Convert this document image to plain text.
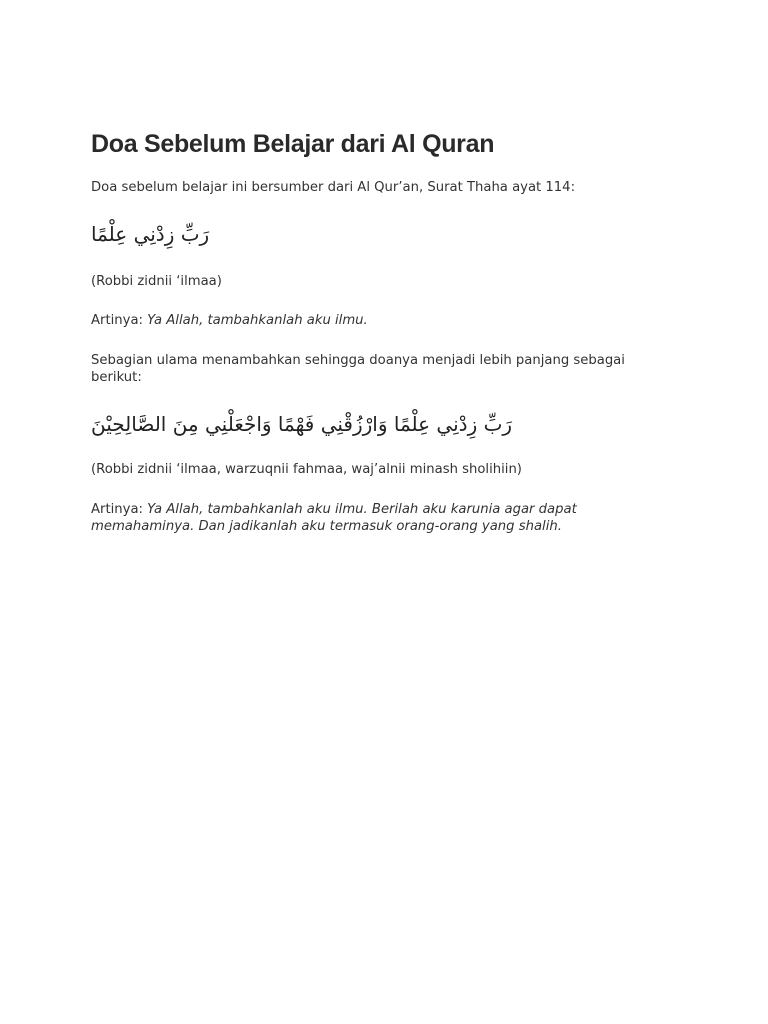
Doa Sebelum Belajar dari Al Quran

Doa sebelum belajar ini bersumber dari Al Qur’an, Surat Thaha ayat 114:

رَبِّ زِدْنِي عِلْمًا

(Robbi zidnii ‘ilmaa)

Artinya: Ya Allah, tambahkanlah aku ilmu.

Sebagian ulama menambahkan sehingga doanya menjadi lebih panjang sebagai berikut:

رَبِّ زِدْنِي عِلْمًا وَارْزُقْنِي فَهْمًا وَاجْعَلْنِي مِنَ الصَّالِحِيْنَ

(Robbi zidnii ‘ilmaa, warzuqnii fahmaa, waj’alnii minash sholihiin)

Artinya: Ya Allah, tambahkanlah aku ilmu. Berilah aku karunia agar dapat memahaminya. Dan jadikanlah aku termasuk orang-orang yang shalih.
